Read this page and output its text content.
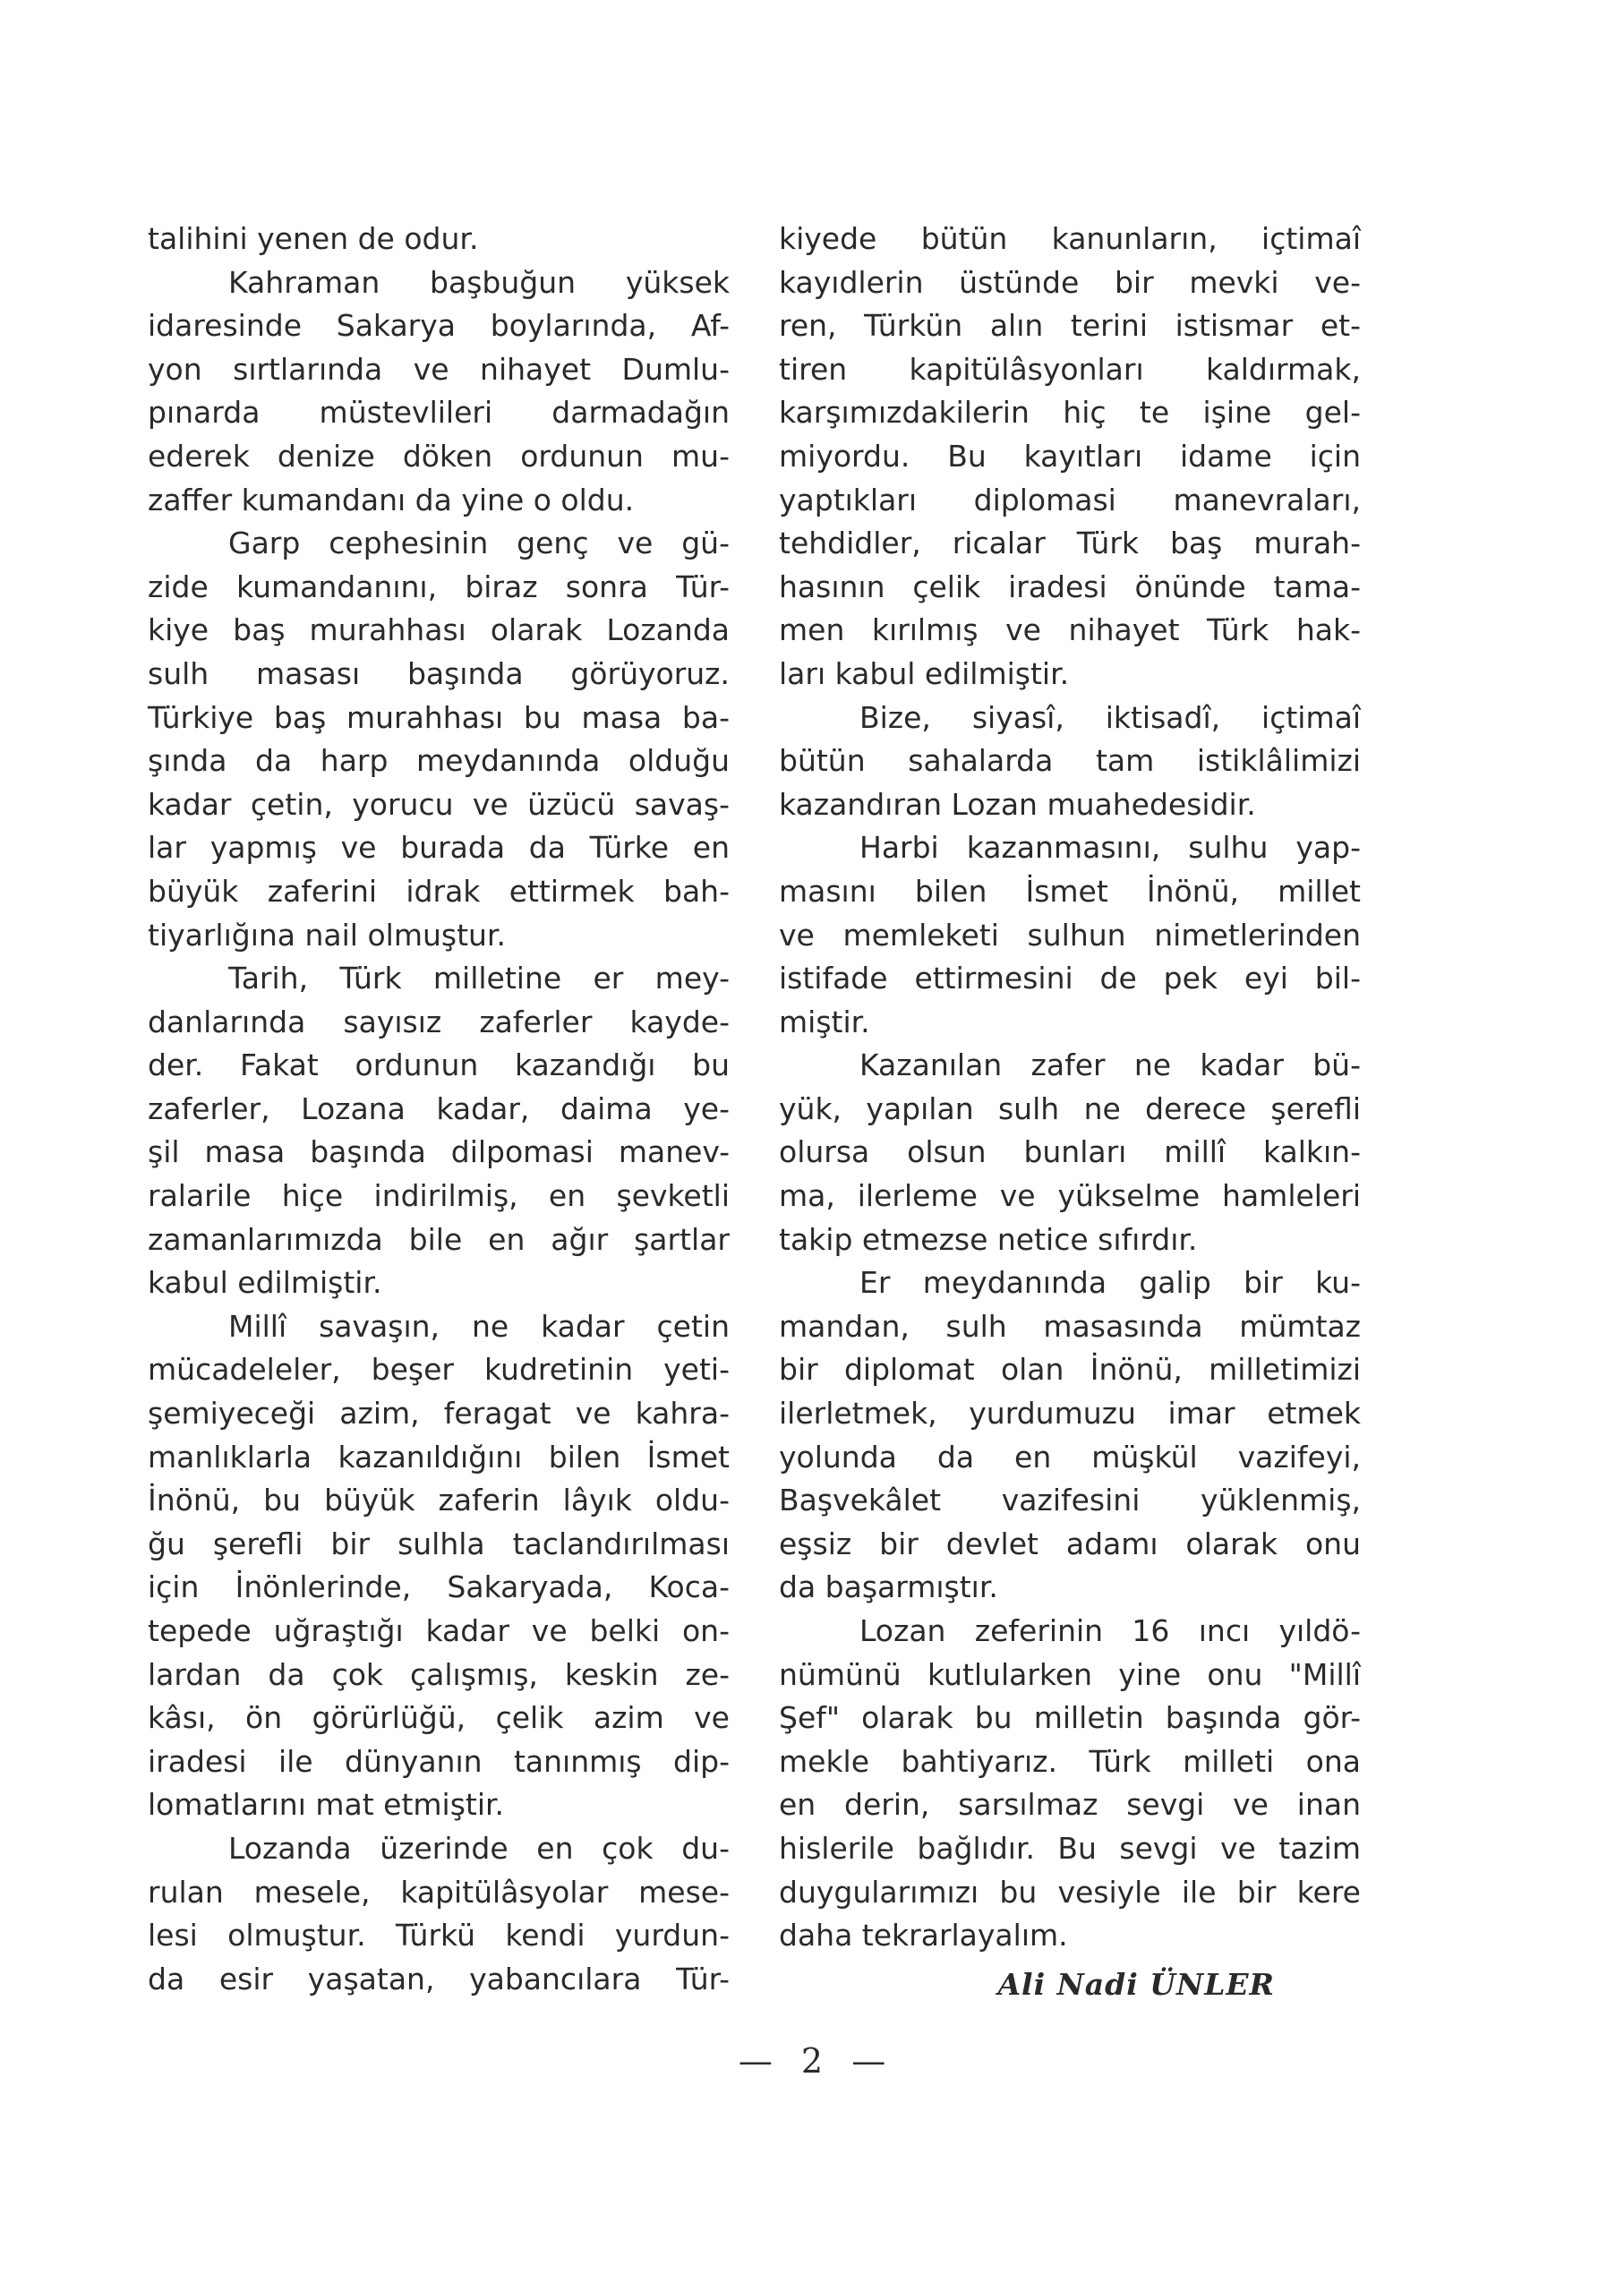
talihini yenen de odur.
Kahraman başbuğun yüksek
idaresinde Sakarya boylarında, Af-
yon sırtlarında ve nihayet Dumlu-
pınarda müstevlileri darmadağın
ederek denize döken ordunun mu-
zaffer kumandanı da yine o oldu.
Garp cephesinin genç ve gü-
zide kumandanını, biraz sonra Tür-
kiye baş murahhası olarak Lozanda
sulh masası başında görüyoruz.
Türkiye baş murahhası bu masa ba-
şında da harp meydanında olduğu
kadar çetin, yorucu ve üzücü savaş-
lar yapmış ve burada da Türke en
büyük zaferini idrak ettirmek bah-
tiyarlığına nail olmuştur.
Tarih, Türk milletine er mey-
danlarında sayısız zaferler kayde-
der. Fakat ordunun kazandığı bu
zaferler, Lozana kadar, daima ye-
şil masa başında dilpomasi manev-
ralarile hiçe indirilmiş, en şevketli
zamanlarımızda bile en ağır şartlar
kabul edilmiştir.
Millî savaşın, ne kadar çetin
mücadeleler, beşer kudretinin yeti-
şemiyeceği azim, feragat ve kahra-
manlıklarla kazanıldığını bilen İsmet
İnönü, bu büyük zaferin lâyık oldu-
ğu şerefli bir sulhla taclandırılması
için İnönlerinde, Sakaryada, Koca-
tepede uğraştığı kadar ve belki on-
lardan da çok çalışmış, keskin ze-
kâsı, ön görürlüğü, çelik azim ve
iradesi ile dünyanın tanınmış dip-
lomatlarını mat etmiştir.
Lozanda üzerinde en çok du-
rulan mesele, kapitülâsyolar mese-
lesi olmuştur. Türkü kendi yurdun-
da esir yaşatan, yabancılara Tür-
kiyede bütün kanunların, içtimaî
kayıdlerin üstünde bir mevki ve-
ren, Türkün alın terini istismar et-
tiren kapitülâsyonları kaldırmak,
karşımızdakilerin hiç te işine gel-
miyordu. Bu kayıtları idame için
yaptıkları diplomasi manevraları,
tehdidler, ricalar Türk baş murah-
hasının çelik iradesi önünde tama-
men kırılmış ve nihayet Türk hak-
ları kabul edilmiştir.
Bize, siyasî, iktisadî, içtimaî
bütün sahalarda tam istiklâlimizi
kazandıran Lozan muahedesidir.
Harbi kazanmasını, sulhu yap-
masını bilen İsmet İnönü, millet
ve memleketi sulhun nimetlerinden
istifade ettirmesini de pek eyi bil-
miştir.
Kazanılan zafer ne kadar bü-
yük, yapılan sulh ne derece şerefli
olursa olsun bunları millî kalkın-
ma, ilerleme ve yükselme hamleleri
takip etmezse netice sıfırdır.
Er meydanında galip bir ku-
mandan, sulh masasında mümtaz
bir diplomat olan İnönü, milletimizi
ilerletmek, yurdumuzu imar etmek
yolunda da en müşkül vazifeyi,
Başvekâlet vazifesini yüklenmiş,
eşsiz bir devlet adamı olarak onu
da başarmıştır.
Lozan zeferinin 16 ıncı yıldö-
nümünü kutlularken yine onu "Millî
Şef" olarak bu milletin başında gör-
mekle bahtiyarız. Türk milleti ona
en derin, sarsılmaz sevgi ve inan
hislerile bağlıdır. Bu sevgi ve tazim
duygularımızı bu vesiyle ile bir kere
daha tekrarlayalım.
Ali Nadi ÜNLER
— 2 —
